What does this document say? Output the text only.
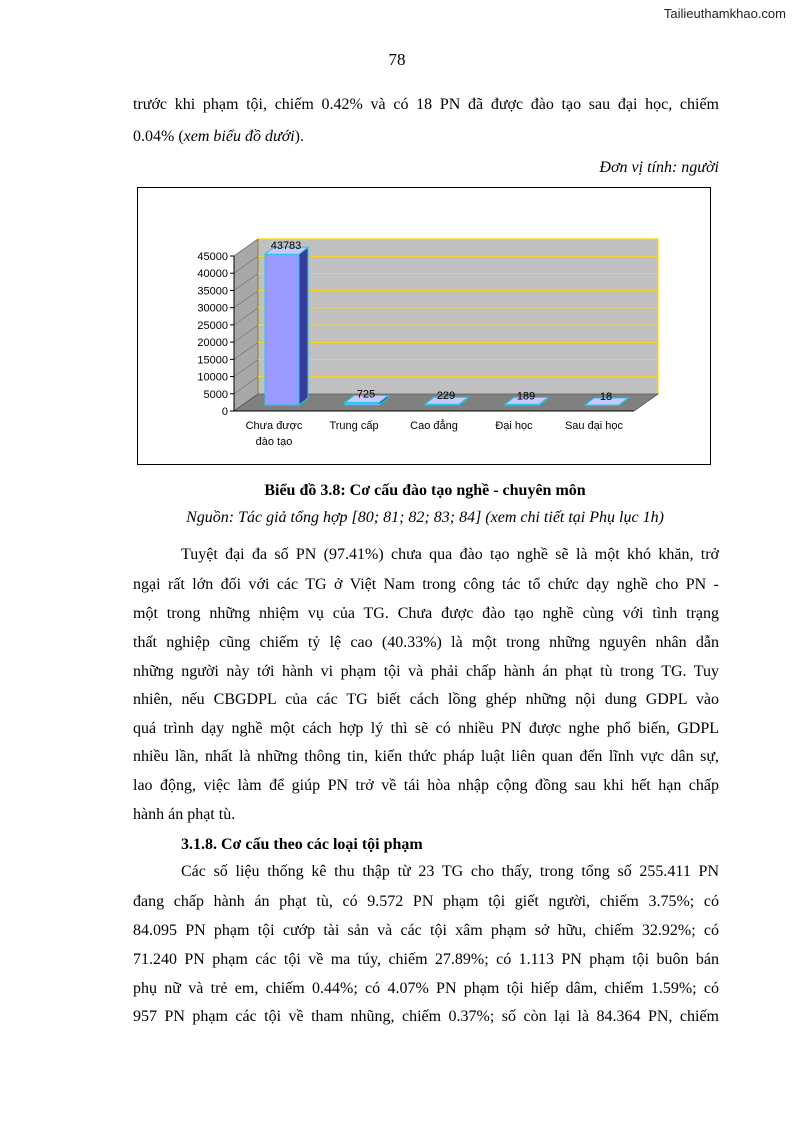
Tailieuthamkhao.com
78
trước khi phạm tội, chiếm 0.42% và có 18 PN đã được đào tạo sau đại học, chiếm
0.04% (xem biểu đồ dưới).
Đơn vị tính: người
0
5000
10000
15000
20000
25000
30000
35000
40000
45000
43783
Chưa được
đào tạo
725
Trung cấp
229
Cao đẳng
189
Đại học
18
Sau đại học
Biểu đồ 3.8: Cơ cấu đào tạo nghề - chuyên môn
Nguồn: Tác giả tổng hợp [80; 81; 82; 83; 84] (xem chi tiết tại Phụ lục 1h)
Tuyệt đại đa số PN (97.41%) chưa qua đào tạo nghề sẽ là một khó khăn, trở
ngại rất lớn đối với các TG ở Việt Nam trong công tác tổ chức dạy nghề cho PN -
một trong những nhiệm vụ của TG. Chưa được đào tạo nghề cùng với tình trạng
thất nghiệp cũng chiếm tỷ lệ cao (40.33%) là một trong những nguyên nhân dẫn
những người này tới hành vi phạm tội và phải chấp hành án phạt tù trong TG. Tuy
nhiên, nếu CBGDPL của các TG biết cách lồng ghép những nội dung GDPL vào
quá trình dạy nghề một cách hợp lý thì sẽ có nhiều PN được nghe phổ biến, GDPL
nhiều lần, nhất là những thông tin, kiến thức pháp luật liên quan đến lĩnh vực dân sự,
lao động, việc làm để giúp PN trở về tái hòa nhập cộng đồng sau khi hết hạn chấp
hành án phạt tù.
3.1.8. Cơ cấu theo các loại tội phạm
Các số liệu thống kê thu thập từ 23 TG cho thấy, trong tổng số 255.411 PN
đang chấp hành án phạt tù, có 9.572 PN phạm tội giết người, chiếm 3.75%; có
84.095 PN phạm tội cướp tài sản và các tội xâm phạm sở hữu, chiếm 32.92%; có
71.240 PN phạm các tội về ma túy, chiếm 27.89%; có 1.113 PN phạm tội buôn bán
phụ nữ và trẻ em, chiếm 0.44%; có 4.07% PN phạm tội hiếp dâm, chiếm 1.59%; có
957 PN phạm các tội về tham nhũng, chiếm 0.37%; số còn lại là 84.364 PN, chiếm
